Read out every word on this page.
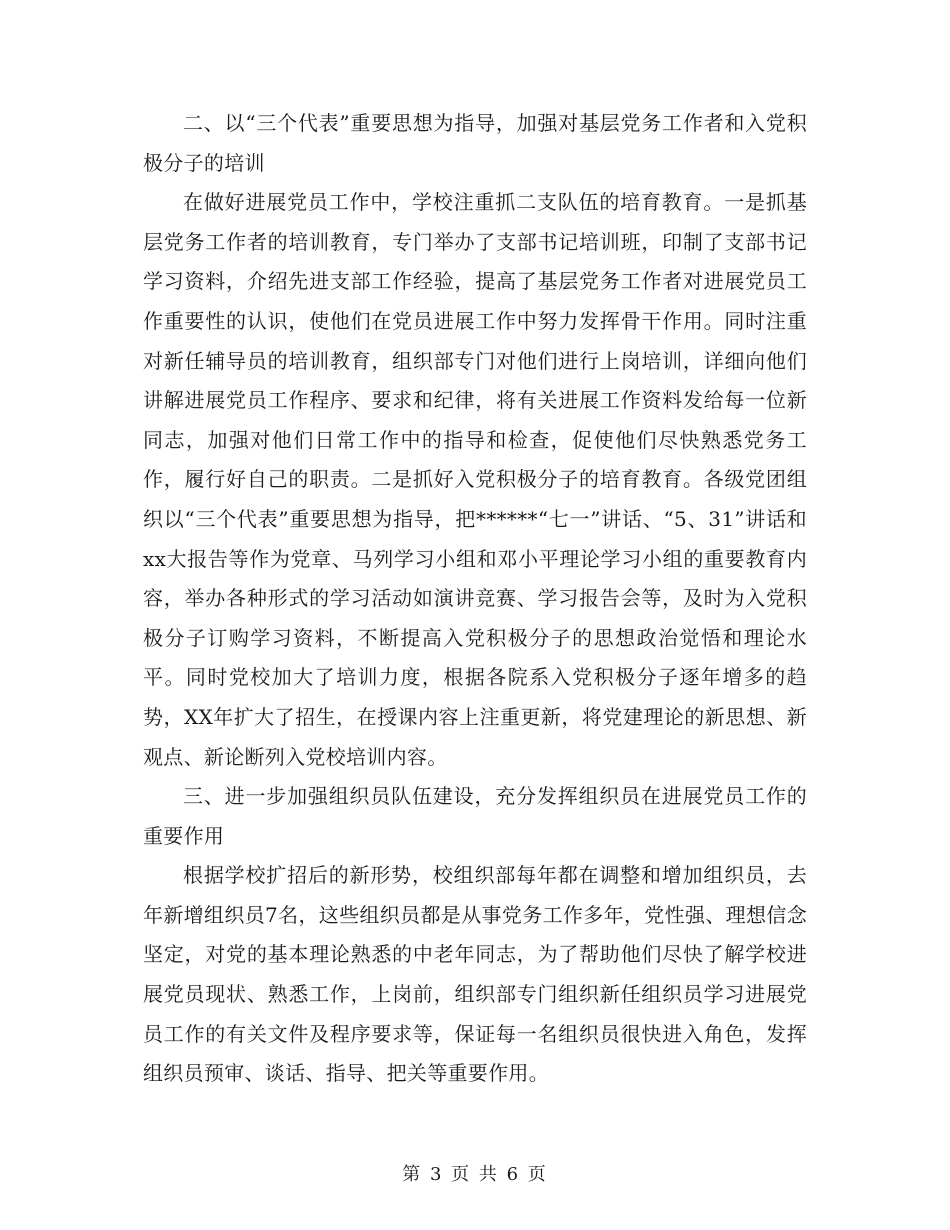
二、以“三个代表”重要思想为指导，加强对基层党务工作者和入党积极分子的培训

在做好进展党员工作中，学校注重抓二支队伍的培育教育。一是抓基层党务工作者的培训教育，专门举办了支部书记培训班，印制了支部书记学习资料，介绍先进支部工作经验，提高了基层党务工作者对进展党员工作重要性的认识，使他们在党员进展工作中努力发挥骨干作用。同时注重对新任辅导员的培训教育，组织部专门对他们进行上岗培训，详细向他们讲解进展党员工作程序、要求和纪律，将有关进展工作资料发给每一位新同志，加强对他们日常工作中的指导和检查，促使他们尽快熟悉党务工作，履行好自己的职责。二是抓好入党积极分子的培育教育。各级党团组织以“三个代表”重要思想为指导，把******“七一”讲话、“5、31”讲话和xx大报告等作为党章、马列学习小组和邓小平理论学习小组的重要教育内容，举办各种形式的学习活动如演讲竞赛、学习报告会等，及时为入党积极分子订购学习资料，不断提高入党积极分子的思想政治觉悟和理论水平。同时党校加大了培训力度，根据各院系入党积极分子逐年增多的趋势，XX年扩大了招生，在授课内容上注重更新，将党建理论的新思想、新观点、新论断列入党校培训内容。

三、进一步加强组织员队伍建设，充分发挥组织员在进展党员工作的重要作用

根据学校扩招后的新形势，校组织部每年都在调整和增加组织员，去年新增组织员7名，这些组织员都是从事党务工作多年，党性强、理想信念坚定，对党的基本理论熟悉的中老年同志，为了帮助他们尽快了解学校进展党员现状、熟悉工作，上岗前，组织部专门组织新任组织员学习进展党员工作的有关文件及程序要求等，保证每一名组织员很快进入角色，发挥组织员预审、谈话、指导、把关等重要作用。

第 3 页 共 6 页
